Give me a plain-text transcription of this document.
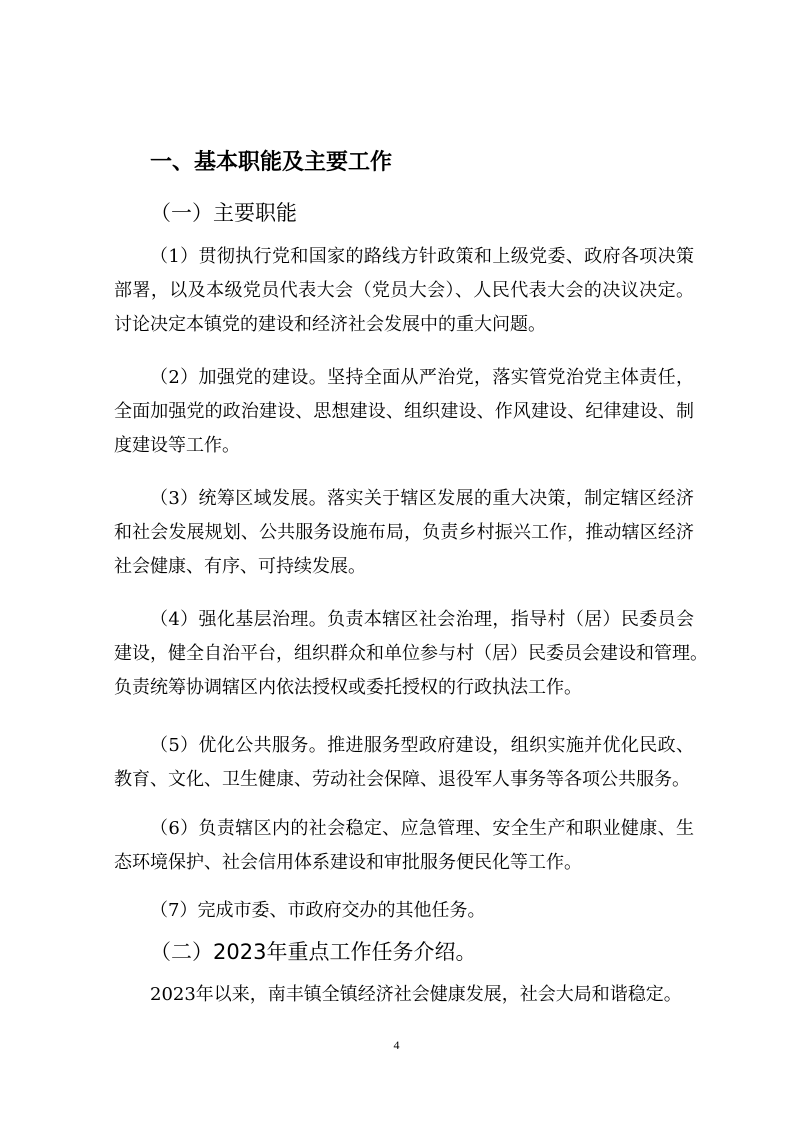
一、基本职能及主要工作
（一）主要职能
（1）贯彻执行党和国家的路线方针政策和上级党委、政府各项决策
部署，以及本级党员代表大会（党员大会）、人民代表大会的决议决定。
讨论决定本镇党的建设和经济社会发展中的重大问题。
（2）加强党的建设。坚持全面从严治党，落实管党治党主体责任，
全面加强党的政治建设、思想建设、组织建设、作风建设、纪律建设、制
度建设等工作。
（3）统筹区域发展。落实关于辖区发展的重大决策，制定辖区经济
和社会发展规划、公共服务设施布局，负责乡村振兴工作，推动辖区经济
社会健康、有序、可持续发展。
（4）强化基层治理。负责本辖区社会治理，指导村（居）民委员会
建设，健全自治平台，组织群众和单位参与村（居）民委员会建设和管理。
负责统筹协调辖区内依法授权或委托授权的行政执法工作。
（5）优化公共服务。推进服务型政府建设，组织实施并优化民政、
教育、文化、卫生健康、劳动社会保障、退役军人事务等各项公共服务。
（6）负责辖区内的社会稳定、应急管理、安全生产和职业健康、生
态环境保护、社会信用体系建设和审批服务便民化等工作。
（7）完成市委、市政府交办的其他任务。
（二）2023年重点工作任务介绍。
2023年以来，南丰镇全镇经济社会健康发展，社会大局和谐稳定。
4
